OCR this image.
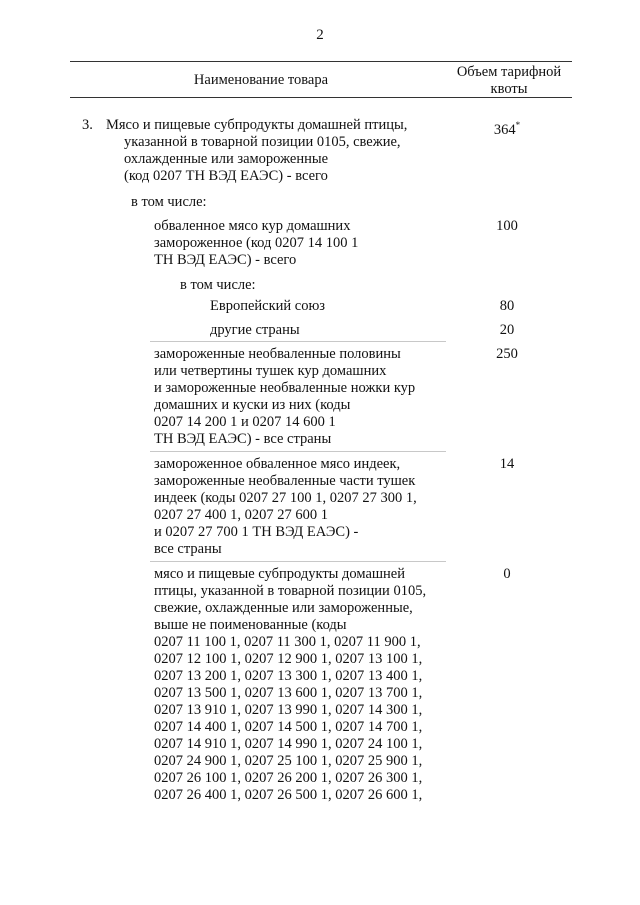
2
Наименование товара	Объем тарифной квоты
3. Мясо и пищевые субпродукты домашней птицы,
указанной в товарной позиции 0105, свежие,
охлажденные или замороженные
(код 0207 ТН ВЭД ЕАЭС) - всего
364*
в том числе:
обваленное мясо кур домашних
замороженное (код 0207 14 100 1
ТН ВЭД ЕАЭС) - всего
100
в том числе:
Европейский союз	80
другие страны	20
замороженные необваленные половины
или четвертины тушек кур домашних
и замороженные необваленные ножки кур
домашних и куски из них (коды
0207 14 200 1 и 0207 14 600 1
ТН ВЭД ЕАЭС) - все страны
250
замороженное обваленное мясо индеек,
замороженные необваленные части тушек
индеек (коды 0207 27 100 1, 0207 27 300 1,
0207 27 400 1, 0207 27 600 1
и 0207 27 700 1 ТН ВЭД ЕАЭС) -
все страны
14
мясо и пищевые субпродукты домашней
птицы, указанной в товарной позиции 0105,
свежие, охлажденные или замороженные,
выше не поименованные (коды
0207 11 100 1, 0207 11 300 1, 0207 11 900 1,
0207 12 100 1, 0207 12 900 1, 0207 13 100 1,
0207 13 200 1, 0207 13 300 1, 0207 13 400 1,
0207 13 500 1, 0207 13 600 1, 0207 13 700 1,
0207 13 910 1, 0207 13 990 1, 0207 14 300 1,
0207 14 400 1, 0207 14 500 1, 0207 14 700 1,
0207 14 910 1, 0207 14 990 1, 0207 24 100 1,
0207 24 900 1, 0207 25 100 1, 0207 25 900 1,
0207 26 100 1, 0207 26 200 1, 0207 26 300 1,
0207 26 400 1, 0207 26 500 1, 0207 26 600 1,
0
